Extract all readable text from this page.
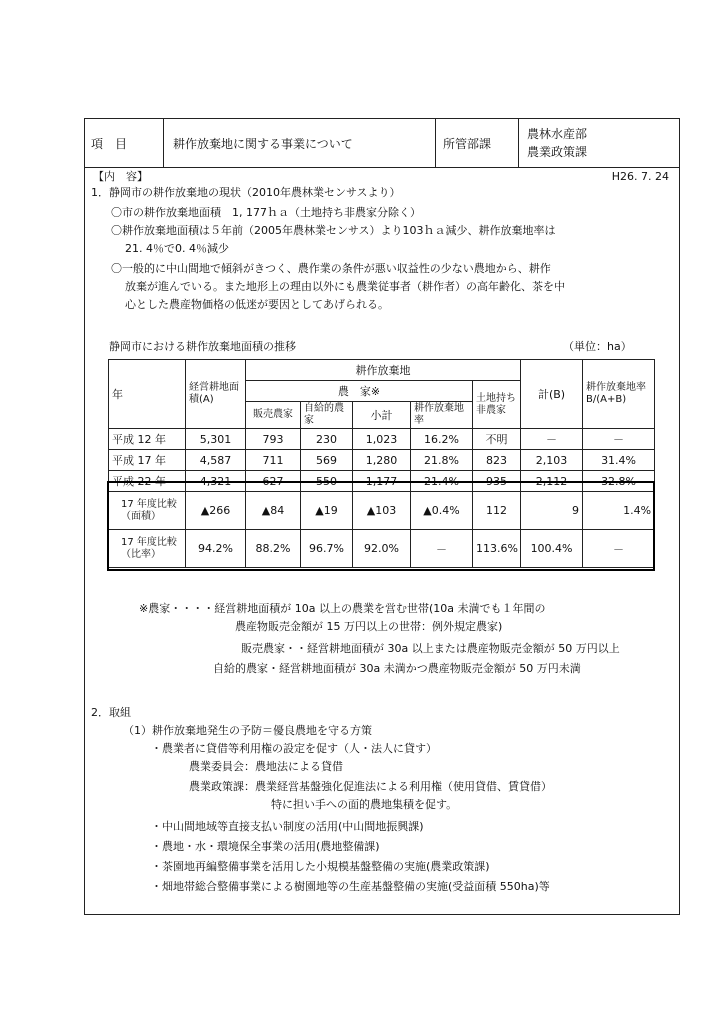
項　目	耕作放棄地に関する事業について	所管部課
農林水産部
農業政策課
【内　容】	H26. 7. 24
1．静岡市の耕作放棄地の現状（2010年農林業センサスより）
〇市の耕作放棄地面積　1, 177ｈａ（土地持ち非農家分除く）
〇耕作放棄地面積は５年前（2005年農林業センサス）より103ｈａ減少、耕作放棄地率は
21. 4％で0. 4％減少
〇一般的に中山間地で傾斜がきつく、農作業の条件が悪い収益性の少ない農地から、耕作
放棄が進んでいる。また地形上の理由以外にも農業従事者（耕作者）の高年齢化、茶を中
心とした農産物価格の低迷が要因としてあげられる。
静岡市における耕作放棄地面積の推移	（単位：ha）
年	経営耕地面積(A)	耕作放棄地					計(B)	耕作放棄地率B/(A+B)
		農　家※				土地持ち非農家		
		販売農家	自給的農家	小計	耕作放棄地率			
平成 12 年	5,301	793	230	1,023	16.2%	不明	－	－
平成 17 年	4,587	711	569	1,280	21.8%	823	2,103	31.4%
平成 22 年	4,321	627	550	1,177	21.4%	935	2,112	32.8%
17 年度比較（面積）	▲266	▲84	▲19	▲103	▲0.4%	112	9	1.4%
17 年度比較（比率）	94.2%	88.2%	96.7%	92.0%	－	113.6%	100.4%	－
※農家・・・・経営耕地面積が 10a 以上の農業を営む世帯(10a 未満でも１年間の
農産物販売金額が 15 万円以上の世帯：例外規定農家)
販売農家・・経営耕地面積が 30a 以上または農産物販売金額が 50 万円以上
自給的農家・経営耕地面積が 30a 未満かつ農産物販売金額が 50 万円未満
2．取組
（1）耕作放棄地発生の予防＝優良農地を守る方策
・農業者に貸借等利用権の設定を促す（人・法人に貸す）
農業委員会：農地法による貸借
農業政策課：農業経営基盤強化促進法による利用権（使用貸借、賃貸借）
特に担い手への面的農地集積を促す。
・中山間地域等直接支払い制度の活用(中山間地振興課)
・農地・水・環境保全事業の活用(農地整備課)
・茶園地再編整備事業を活用した小規模基盤整備の実施(農業政策課)
・畑地帯総合整備事業による樹園地等の生産基盤整備の実施(受益面積 550ha)等
